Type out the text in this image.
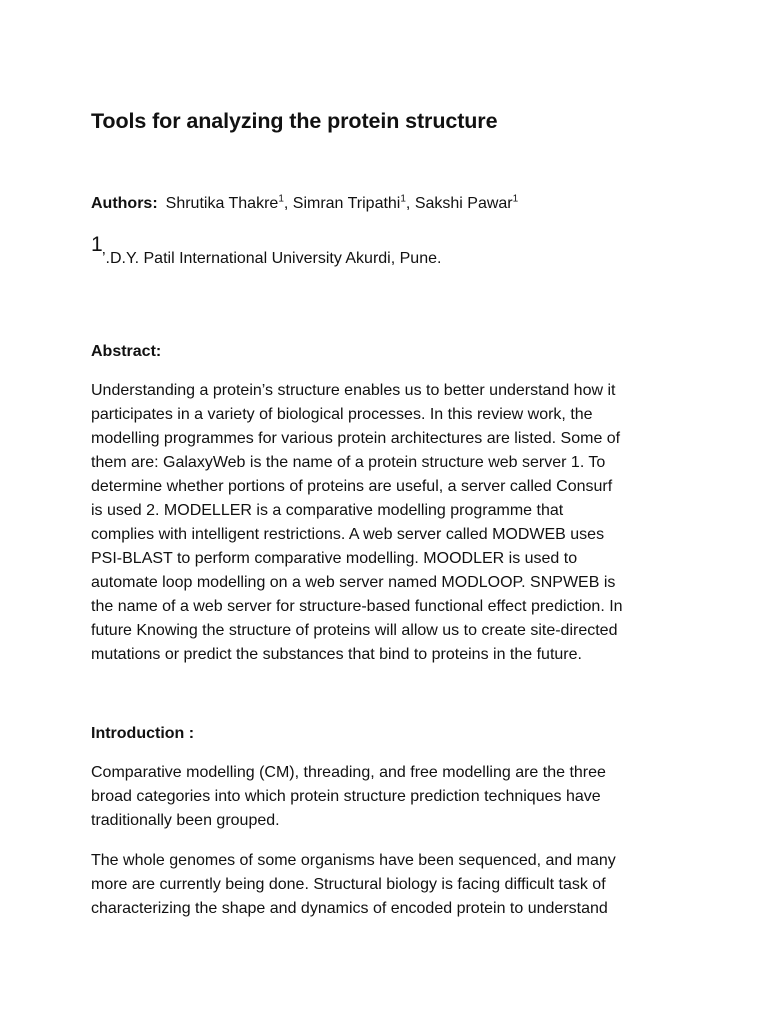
Tools for analyzing the protein structure
Authors: Shrutika Thakre$^1$, Simran Tripathi$^1$, Sakshi Pawar$^1$
1
’.D.Y. Patil International University Akurdi, Pune.
Abstract:

Understanding a protein’s structure enables us to better understand how it
participates in a variety of biological processes. In this review work, the
modelling programmes for various protein architectures are listed. Some of
them are: GalaxyWeb is the name of a protein structure web server 1. To
determine whether portions of proteins are useful, a server called Consurf
is used 2. MODELLER is a comparative modelling programme that
complies with intelligent restrictions. A web server called MODWEB uses
PSI-BLAST to perform comparative modelling. MOODLER is used to
automate loop modelling on a web server named MODLOOP. SNPWEB is
the name of a web server for structure-based functional effect prediction. In
future Knowing the structure of proteins will allow us to create site-directed
mutations or predict the substances that bind to proteins in the future.

Introduction :

Comparative modelling (CM), threading, and free modelling are the three
broad categories into which protein structure prediction techniques have
traditionally been grouped.

The whole genomes of some organisms have been sequenced, and many
more are currently being done. Structural biology is facing difficult task of
characterizing the shape and dynamics of encoded protein to understand
